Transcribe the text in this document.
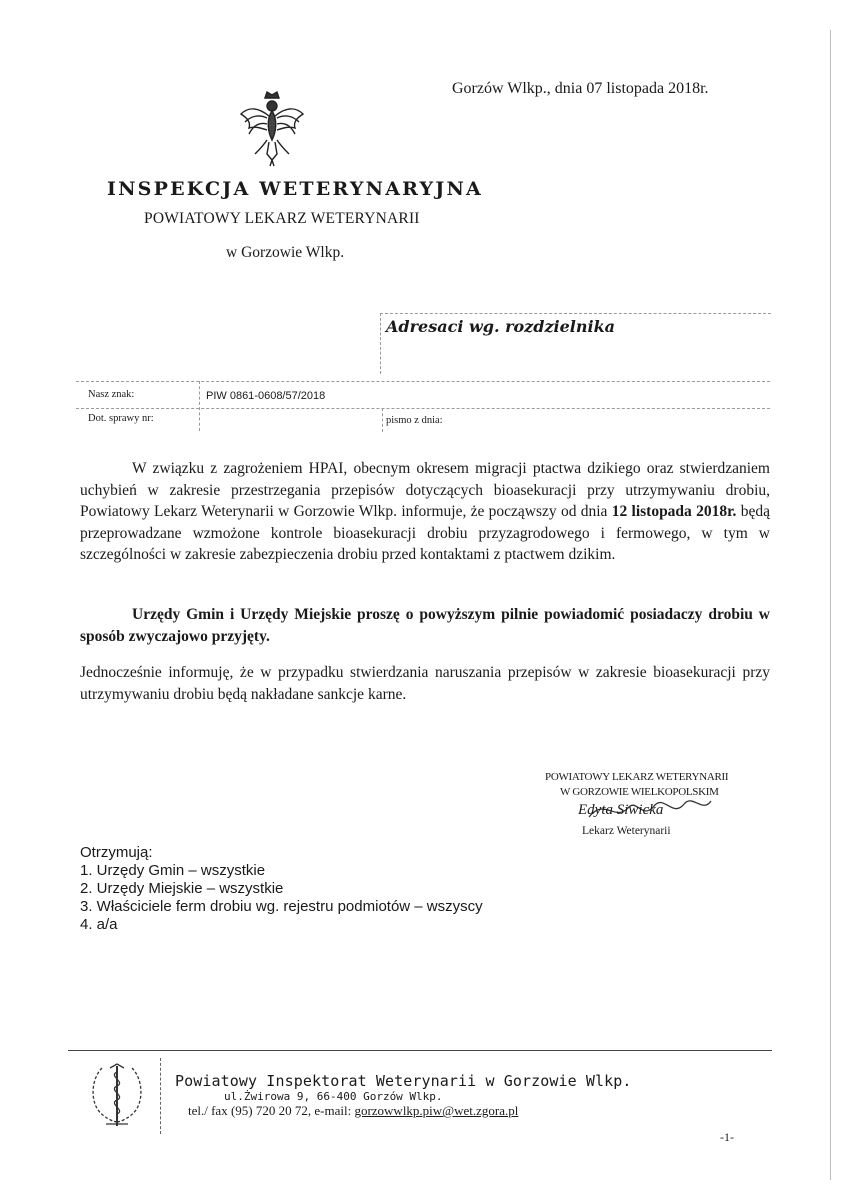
Gorzów Wlkp., dnia 07 listopada 2018r.
INSPEKCJA WETERYNARYJNA
POWIATOWY LEKARZ WETERYNARII
w Gorzowie Wlkp.
Adresaci wg. rozdzielnika
Nasz znak:	PIW 0861-0608/57/2018
Dot. sprawy nr:	pismo z dnia:
W związku z zagrożeniem HPAI, obecnym okresem migracji ptactwa dzikiego oraz stwierdzaniem uchybień w zakresie przestrzegania przepisów dotyczących bioasekuracji przy utrzymywaniu drobiu, Powiatowy Lekarz Weterynarii w Gorzowie Wlkp. informuje, że począwszy od dnia 12 listopada 2018r. będą przeprowadzane wzmożone kontrole bioasekuracji drobiu przyzagrodowego i fermowego, w tym w szczególności w zakresie zabezpieczenia drobiu przed kontaktami z ptactwem dzikim.
Urzędy Gmin i Urzędy Miejskie proszę o powyższym pilnie powiadomić posiadaczy drobiu w sposób zwyczajowo przyjęty.
Jednocześnie informuję, że w przypadku stwierdzania naruszania przepisów w zakresie bioasekuracji przy utrzymywaniu drobiu będą nakładane sankcje karne.
POWIATOWY LEKARZ WETERYNARII
W GORZOWIE WIELKOPOLSKIM
Edyta Siwicka
Lekarz Weterynarii
Otrzymują:
1. Urzędy Gmin – wszystkie
2. Urzędy Miejskie – wszystkie
3. Właściciele ferm drobiu wg. rejestru podmiotów – wszyscy
4. a/a
Powiatowy Inspektorat Weterynarii w Gorzowie Wlkp.
ul.Żwirowa 9, 66-400 Gorzów Wlkp.
tel./ fax (95) 720 20 72, e-mail: gorzowwlkp.piw@wet.zgora.pl
-1-
